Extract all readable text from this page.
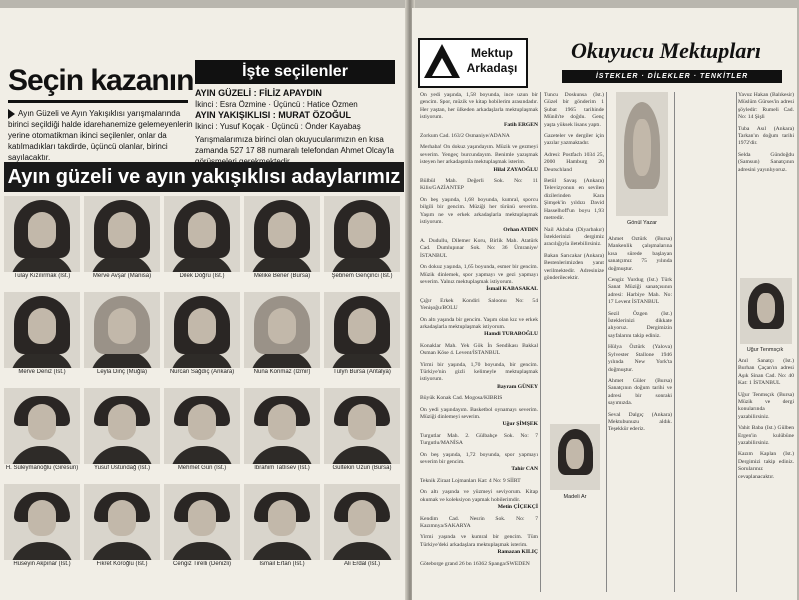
Seçin kazanın	İşte seçilenler
AYIN GÜZELİ : FİLİZ APAYDIN
İkinci : Esra Özmine · Üçüncü : Hatice Özmen
AYIN YAKIŞIKLISI : MURAT ÖZOĞUL
İkinci : Yusuf Koçak · Üçüncü : Önder Kayabaş
Yarışmalarımıza birinci olan okuyucularımızın en kısa zamanda 527 17 88 numaralı telefondan Ahmet Olcay'la
Ayın Güzeli ve Ayın Yakışıklısı yarışmalarında birinci seçildiği halde idarehanemize gelemeyenlerin yerine otomatikman ikinci seçilenler, onlar da katılmadıkları takdirde, üçüncü olanlar, birinci sayılacaktır.
Ayın güzeli ve ayın yakışıklısı adaylarımız
Tulay Kızılırmak (Ist.)	Merve Avşar (Manisa)	Dilek Doğru (Ist.)	Melike Bener (Bursa)	Şebnem Gençinci (Ist.)
Merve Deniz (Ist.)	Leyla Dinç (Muğla)	Nurcan Sağdıç (Ankara)	Nuna Konmaz (İzmir)	Tülyn Bursa (Antalya)
H. Süleymanoğlu (Giresun)	Yusuf Üstündağ (Ist.)	Mehmet Gün (Ist.)	İbrahim Tatlısev (Ist.)	Gültekin Uzun (Bursa)
Hüseyin Akpınar (Ist.)	Fikret Köroğlu (Ist.)	Cengiz Tirelli (Denizli)	İsmail Ertan (Ist.)	Ali Erdal (Ist.)
Mektup
Arkadaşı
Okuyucu Mektupları
İSTEKLER · DİLEKLER · TENKİTLER
On yedi yaşında, 1,58 boyunda, ince uzun bir gencim. Spor, müzik ve kitap hobilerim arasındadır. Her yaştan, her ülkeden arkadaşlarla mektuplaşmak istiyorum.
Fatih ERGEN
Zorkum Cad. 163/2 Osmaniye/ADANA
Merhaba! On dokuz yaşındayım. Müzik ve gezmeyi severim. Yengeç burcundayım. Benimle yazışmak isteyen her arkadaşımla mektuplaşmak isterim.
Hilal ZAYAOĞLU
Bülbül Mah. Değerli Sok. No: 11 Kilis/GAZİANTEP
On beş yaşında, 1,68 boyunda, kumral, sporcu bilgili bir gencim. Müziği her türünü severim. Yaşım ne ve erkek arkadaşlarla mektuplaşmak istiyorum.
Orhan AYDIN
A. Dudullu, Dilemer Koru, Birlik Mah. Atatürk Cad. Dumlupınar Sok. No: 36 Ümraniye/İSTANBUL
On dokuz yaşında, 1,65 boyunda, esmer bir gencim. Müzik dinlemek, spor yapmayı ve gezi yapmayı severim. Yalnız mektuplaşmak istiyorum.
İsmail KABASAKAL
Çığır Erkek Kondiri Saloonu No: 54 Yenişoğu/BOLU
On altı yaşında bir gencim. Yaşım olan kız ve erkek arkadaşlarla mektuplaşmak istiyorum.
Hamdi TURABOĞLU
Konaklar Mah. Yek Gök İn Sendikası Bakkal Osman Köse 4. Levent/İSTANBUL
Yirmi bir yaşında, 1,70 boyunda, bir gencim. Türkiye'nin gizli kelimeyle mektuplaşmak istiyorum.
Bayram GÜNEY
Büyük Konak Cad. Mogosa/KIBRIS
On yedi yaşındayım. Basketbol oynamayı severim. Müziği dinlemeyi severim.
Uğur ŞİMŞEK
Turgutlar Mah. 2. Gülbahçe Sok. No: 7 Turgutlu/MANİSA
On beş yaşında, 1,72 boyunda, spor yapmayı severim bir gencim.
Tahir CAN
Teknik Ziraat Lojmanları Kat: 4 No: 9 SİİRT
On altı yaşında ve yüzmeyi seviyorum. Kitap okumak ve koleksiyon yapmak hobilerimdir.
Metin ÇİÇEKÇİ
Kendim Cad. Nesrin Sok. No: 7 Kazımnya/SAKARYA
Yirmi yaşında ve kumral bir gencim. Tüm Türkiye'deki arkadaşlara mektuplaşmak isterim.
Ramazan KILIÇ
Göteborge grand 26 bn 16362 Spanga/SWEDEN
Tuncu Doskunsa (Ist.) Güzel bir gönderim 1 Şubat 1965 tarihinde Münih'te doğdu. Genç yaşta yüksek lisans yaptı.
Gazeteler ve dergiler için yazılar yazmaktadır.
Adresi: Postfach 1034 25, 2000 Hamburg 20 Deutschland
Betül Savaş (Ankara) Televizyonun en sevilen dizilerinden Kara Şimşek'in yıldızı David Hasselhoff'un boyu 1,93 metredir.
Nail Akbaba (Diyarbakır) İsteklerinizi dergimiz aracılığıyla iletebilirsiniz.
Bakan Sarıcakar (Ankara) Bestenlerimizden yanıt verilmektedir. Adresinize gönderilecektir.
Ahmet Öztürk (Bursa) Mankenlik çalışmalarına kısa sürede başlayan sanatçımız 75 yılında doğmuştur.
Cengiz Yurdug (Ist.) Türk Sanat Müziği sanatçısının adresi: Harbiye Mah. No: 17 Levent İSTANBUL
Sezil Özgen (Ist.) İsteklerinizi dikkate alıyoruz. Dergimizin sayfalarını takip ediniz.
Hülya Öztürk (Yalova) Sylvester Stallone 1946 yılında New York'ta doğmuştur.
Ahmet Güler (Bursa) Sanatçının doğum tarihi ve adresi bir sonraki sayımızda.
Seval Dalgıç (Ankara) Mektubunuzu aldık. Teşekkür ederiz.
Yavuz Hakan (Balıkesir) Müslüm Gürses'in adresi şöyledir: Rumeli Cad. No: 14 Şişli
Tuba Asıl (Ankara) Tarkan'ın doğum tarihi 1972'dir.
Selda Gündoğdu (Samsun) Sanatçının adresini yayınlıyoruz.
Anıl Sanatçı (Ist.) Burhan Çaçan'ın adresi Aşık Sinan Cad. No: 40 Kat: 1 İSTANBUL
Uğur Tenmsçık (Bursa) Müzik ve dergi konularında yazabilirsiniz.
Vahit Baba (Ist.) Gülben Ergen'in kulübüne yazabilirsiniz.
Kazım Kaplan (Ist.) Dergimizi takip ediniz. Sorularınız cevaplanacaktır.
Gönül Yazar
Madeli Ar
Uğur Tenmsçık
